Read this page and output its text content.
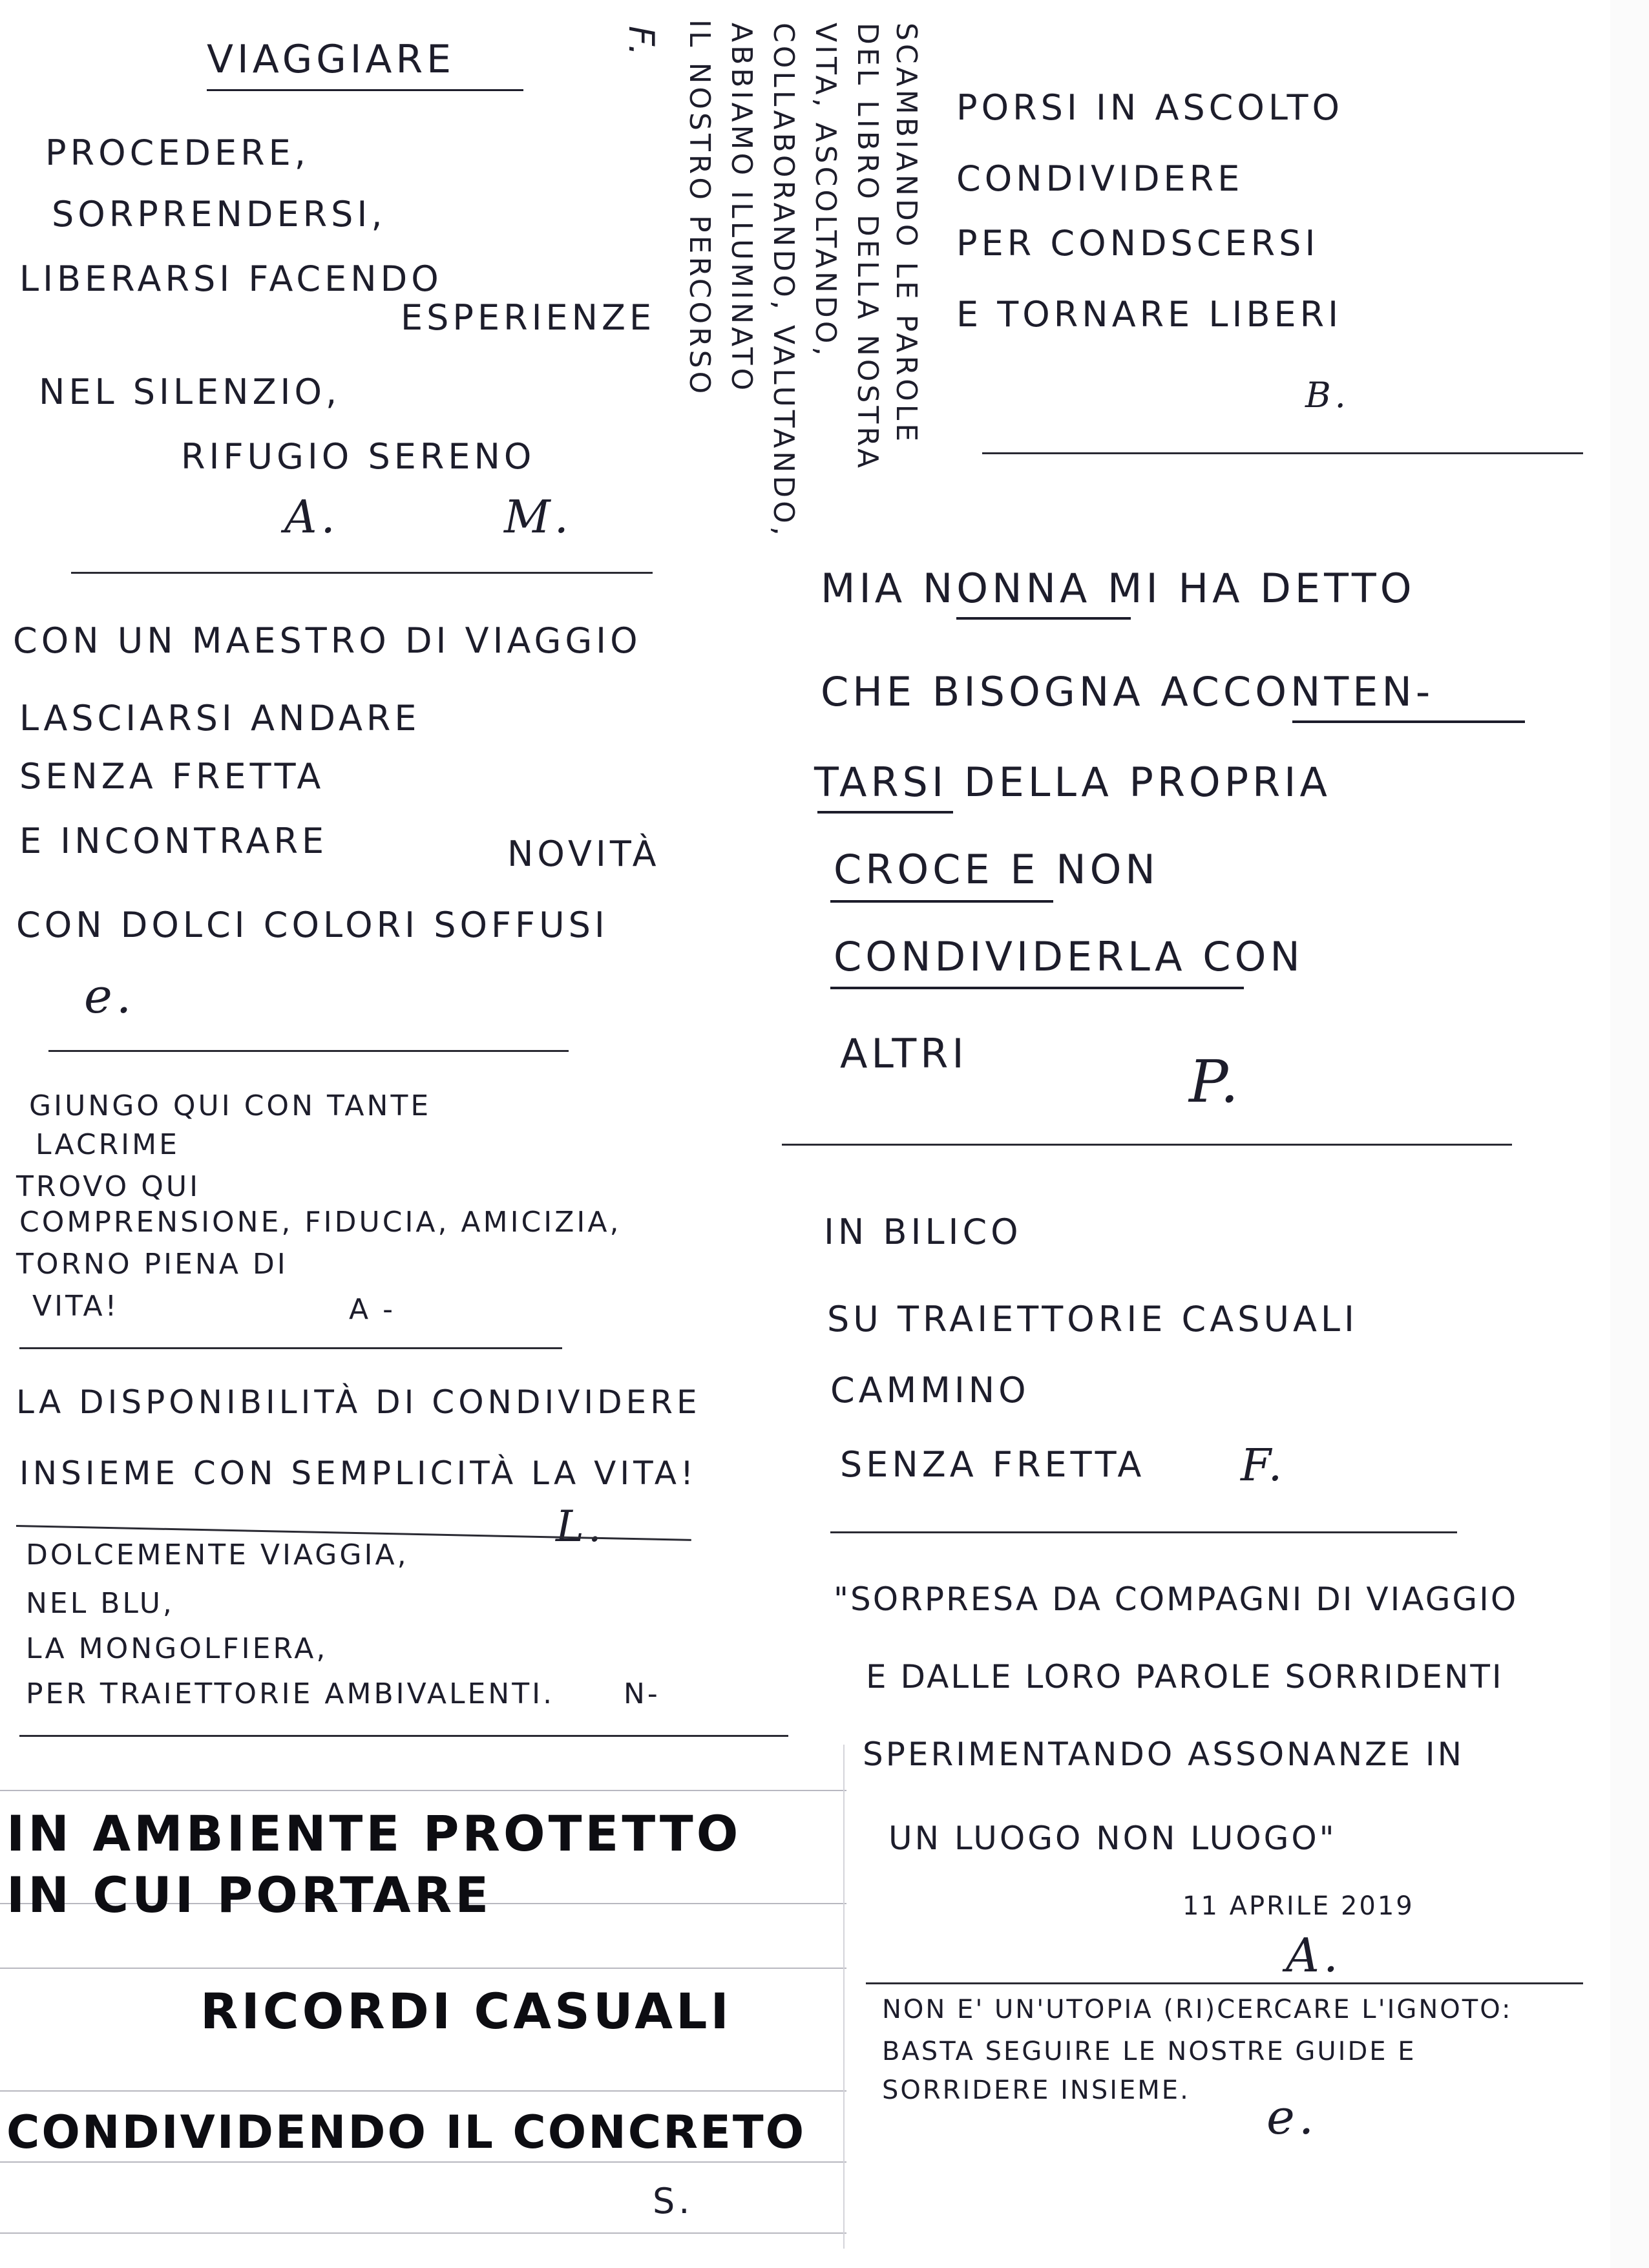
VIAGGIARE

PROCEDERE,

SORPRENDERSI,

LIBERARSI FACENDO

ESPERIENZE

NEL SILENZIO,

RIFUGIO SERENO

A.	M.

SCAMBIANDO LE PAROLE

DEL LIBRO DELLA NOSTRA

VITA, ASCOLTANDO,

COLLABORANDO, VALUTANDO,

ABBIAMO ILLUMINATO

IL NOSTRO PERCORSO

F.

PORSI IN ASCOLTO

CONDIVIDERE

PER CONDSCERSI

E TORNARE LIBERI

B.

CON UN MAESTRO DI VIAGGIO

LASCIARSI ANDARE

SENZA FRETTA

E INCONTRARE	NOVITÀ

CON DOLCI COLORI SOFFUSI

e.

MIA NONNA MI HA DETTO

CHE BISOGNA ACCONTEN-

TARSI DELLA PROPRIA

CROCE E NON

CONDIVIDERLA CON

ALTRI	P.

GIUNGO QUI CON TANTE

LACRIME

TROVO QUI

COMPRENSIONE, FIDUCIA, AMICIZIA,

TORNO PIENA DI

VITA!	A -

IN BILICO

SU TRAIETTORIE CASUALI

CAMMINO

SENZA FRETTA F.

LA DISPONIBILITÀ DI CONDIVIDERE

INSIEME CON SEMPLICITÀ LA VITA!

L.

DOLCEMENTE VIAGGIA,

NEL BLU,

LA MONGOLFIERA,

PER TRAIETTORIE AMBIVALENTI. N-

"SORPRESA DA COMPAGNI DI VIAGGIO

E DALLE LORO PAROLE SORRIDENTI

SPERIMENTANDO ASSONANZE IN

UN LUOGO NON LUOGO"

11 APRILE 2019

A.

IN AMBIENTE PROTETTO

IN CUI PORTARE

RICORDI CASUALI

CONDIVIDENDO IL CONCRETO

S.

NON E' UN'UTOPIA (RI)CERCARE L'IGNOTO:

BASTA SEGUIRE LE NOSTRE GUIDE E

SORRIDERE INSIEME. e.
